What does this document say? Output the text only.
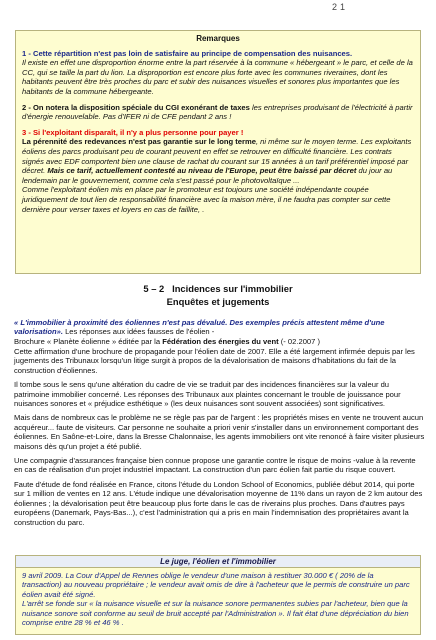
21
Remarques

1 - Cette répartition n'est pas loin de satisfaire au principe de compensation des nuisances.
Il existe en effet une disproportion énorme entre la part réservée à la commune « hébergeant » le parc, et celle de la CC, qui se taille la part du lion. La disproportion est encore plus forte avec les communes riveraines, dont les habitants peuvent être très proches du parc et subir des nuisances visuelles et sonores plus importantes que les habitants de la commune hébergeante.

2 - On notera la disposition spéciale du CGI exonérant de taxes les entreprises produisant de l'électricité à partir d'énergie renouvelable. Pas d'IFER ni de CFE pendant 2 ans !

3 - Si l'exploitant disparaît, il n'y a plus personne pour payer !
La pérennité des redevances n'est pas garantie sur le long terme, ni même sur le moyen terme. Les exploitants éoliens des parcs produisant peu de courant peuvent en effet se retrouver en difficulté financière. Les contrats signés avec EDF comportent bien une clause de rachat du courant sur 15 années à un tarif préférentiel imposé par décret. Mais ce tarif, actuellement contesté au niveau de l'Europe, peut être baissé par décret du jour au lendemain par le gouvernement, comme cela s'est passé pour le photovoltaïque ...
Comme l'exploitant éolien mis en place par le promoteur est toujours une société indépendante coupée juridiquement de tout lien de responsabilité financière avec la maison mère, il ne faudra pas compter sur cette dernière pour verser taxes et loyers en cas de faillite, .

5 – 2 Incidences sur l'immobilier
Enquêtes et jugements
« L'immobilier à proximité des éoliennes n'est pas dévalué. Des exemples précis attestent même d'une valorisation». Les réponses aux idées fausses de l'éolien -
Brochure « Planète éolienne » éditée par la Fédération des énergies du vent (- 02.2007 )

Cette affirmation d'une brochure de propagande pour l'éolien date de 2007. Elle a été largement infirmée depuis par les jugements des Tribunaux lorsqu'un litige surgit à propos de la dévalorisation de maisons d'habitations du fait de la construction d'éoliennes.

Il tombe sous le sens qu'une altération du cadre de vie se traduit par des incidences financières sur la valeur du patrimoine immobilier concerné. Les réponses des Tribunaux aux plaintes concernant le trouble de jouissance pour nuisances sonores et « préjudice esthétique » (les deux nuisances sont souvent associées) sont significatives.

Mais dans de nombreux cas le problème ne se règle pas par de l'argent : les propriétés mises en vente ne trouvent aucun acquéreur... faute de visiteurs. Car personne ne souhaite a priori venir s'installer dans un environnement comportant des éoliennes. En Saône-et-Loire, dans la Bresse Chalonnaise, les agents immobiliers ont vite renoncé à faire visiter plusieurs maisons dès qu'un projet a été publié.

Une compagnie d'assurances française bien connue propose une garantie contre le risque de moins -value à la revente en cas de réalisation d'un projet industriel impactant. La construction d'un parc éolien fait partie du risque couvert.

Faute d'étude de fond réalisée en France, citons l'étude du London School of Economics, publiée début 2014, qui porte sur 1 million de ventes en 12 ans. L'étude indique une dévalorisation moyenne de 11% dans un rayon de 2 km autour des éoliennes ; la dévalorisation peut être beaucoup plus forte dans le cas de riverains plus proches. Dans d'autres pays européens (Danemark, Pays-Bas...), c'est l'administration qui a pris en main l'indemnisation des propriétaires avant la construction du parc.

Le juge, l'éolien et l'immobilier

9 avril 2009. La Cour d'Appel de Rennes oblige le vendeur d'une maison à restituer 30.000 € ( 20% de la transaction) au nouveau propriétaire ; le vendeur avait omis de dire à l'acheteur que le permis de construire un parc éolien avait été signé.

L'arrêt se fonde sur « la nuisance visuelle et sur la nuisance sonore permanentes subies par l'acheteur, bien que la nuisance sonore soit conforme au seuil de bruit accepté par l'Administration ». Il fait état d'une dépréciation du bien comprise entre 28 % et 46 % .
